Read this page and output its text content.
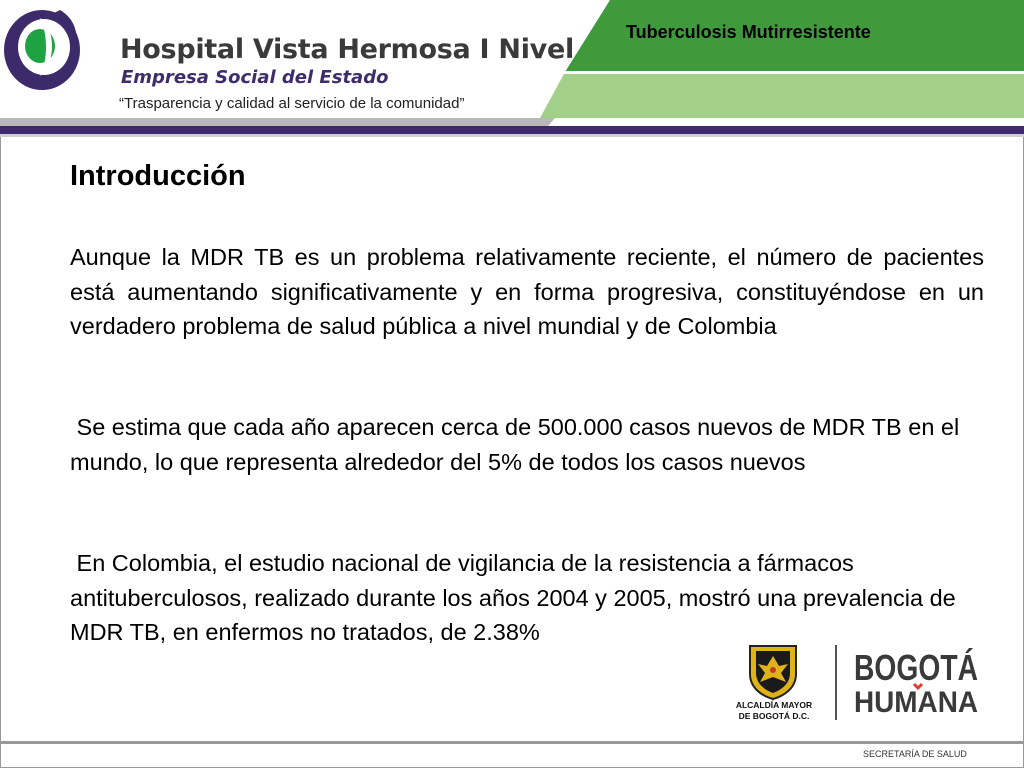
Hospital Vista Hermosa I Nivel
Empresa Social del Estado
“Trasparencia y calidad al servicio de la comunidad”
Tuberculosis Mutirresistente
Introducción

Aunque la MDR TB es un problema relativamente reciente, el número de pacientes está aumentando significativamente y en forma progresiva, constituyéndose en un verdadero problema de salud pública a nivel mundial y de Colombia

Se estima que cada año aparecen cerca de 500.000 casos nuevos de MDR TB en el mundo, lo que representa alrededor del 5% de todos los casos nuevos

En Colombia, el estudio nacional de vigilancia de la resistencia a fármacos antituberculosos, realizado durante los años 2004 y 2005, mostró una prevalencia de MDR TB, en enfermos no tratados, de 2.38%

ALCALDÍA MAYOR
DE BOGOTÁ D.C.
BOGOTÁ
HUMANA
SECRETARÍA DE SALUD
